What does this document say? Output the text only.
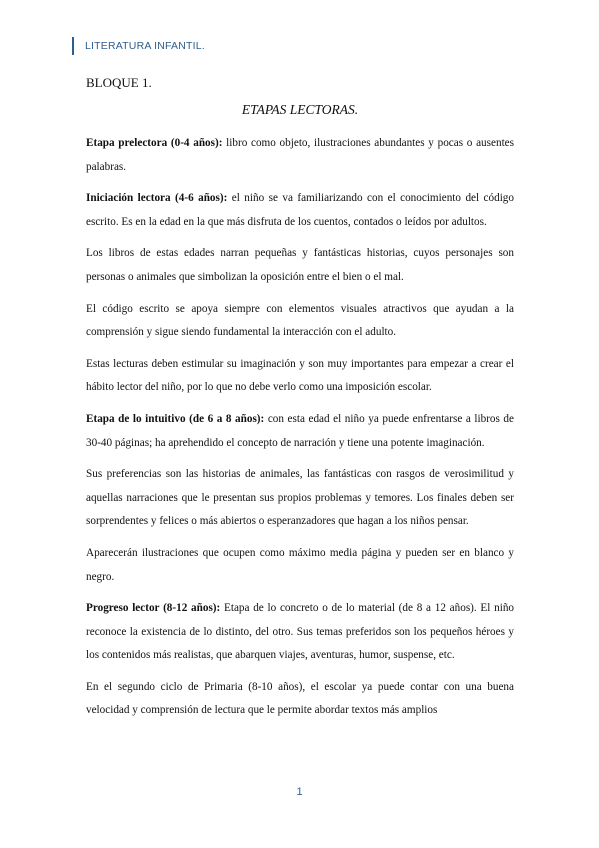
LITERATURA INFANTIL.
BLOQUE 1.
ETAPAS LECTORAS.

Etapa prelectora (0-4 años): libro como objeto, ilustraciones abundantes y pocas o ausentes palabras.

Iniciación lectora (4-6 años): el niño se va familiarizando con el conocimiento del código escrito. Es en la edad en la que más disfruta de los cuentos, contados o leídos por adultos.

Los libros de estas edades narran pequeñas y fantásticas historias, cuyos personajes son personas o animales que simbolizan la oposición entre el bien o el mal.

El código escrito se apoya siempre con elementos visuales atractivos que ayudan a la comprensión y sigue siendo fundamental la interacción con el adulto.

Estas lecturas deben estimular su imaginación y son muy importantes para empezar a crear el hábito lector del niño, por lo que no debe verlo como una imposición escolar.

Etapa de lo intuitivo (de 6 a 8 años): con esta edad el niño ya puede enfrentarse a libros de 30-40 páginas; ha aprehendido el concepto de narración y tiene una potente imaginación.

Sus preferencias son las historias de animales, las fantásticas con rasgos de verosimilitud y aquellas narraciones que le presentan sus propios problemas y temores. Los finales deben ser sorprendentes y felices o más abiertos o esperanzadores que hagan a los niños pensar.

Aparecerán ilustraciones que ocupen como máximo media página y pueden ser en blanco y negro.

Progreso lector (8-12 años): Etapa de lo concreto o de lo material (de 8 a 12 años). El niño reconoce la existencia de lo distinto, del otro. Sus temas preferidos son los pequeños héroes y los contenidos más realistas, que abarquen viajes, aventuras, humor, suspense, etc.

En el segundo ciclo de Primaria (8-10 años), el escolar ya puede contar con una buena velocidad y comprensión de lectura que le permite abordar textos más amplios

1
